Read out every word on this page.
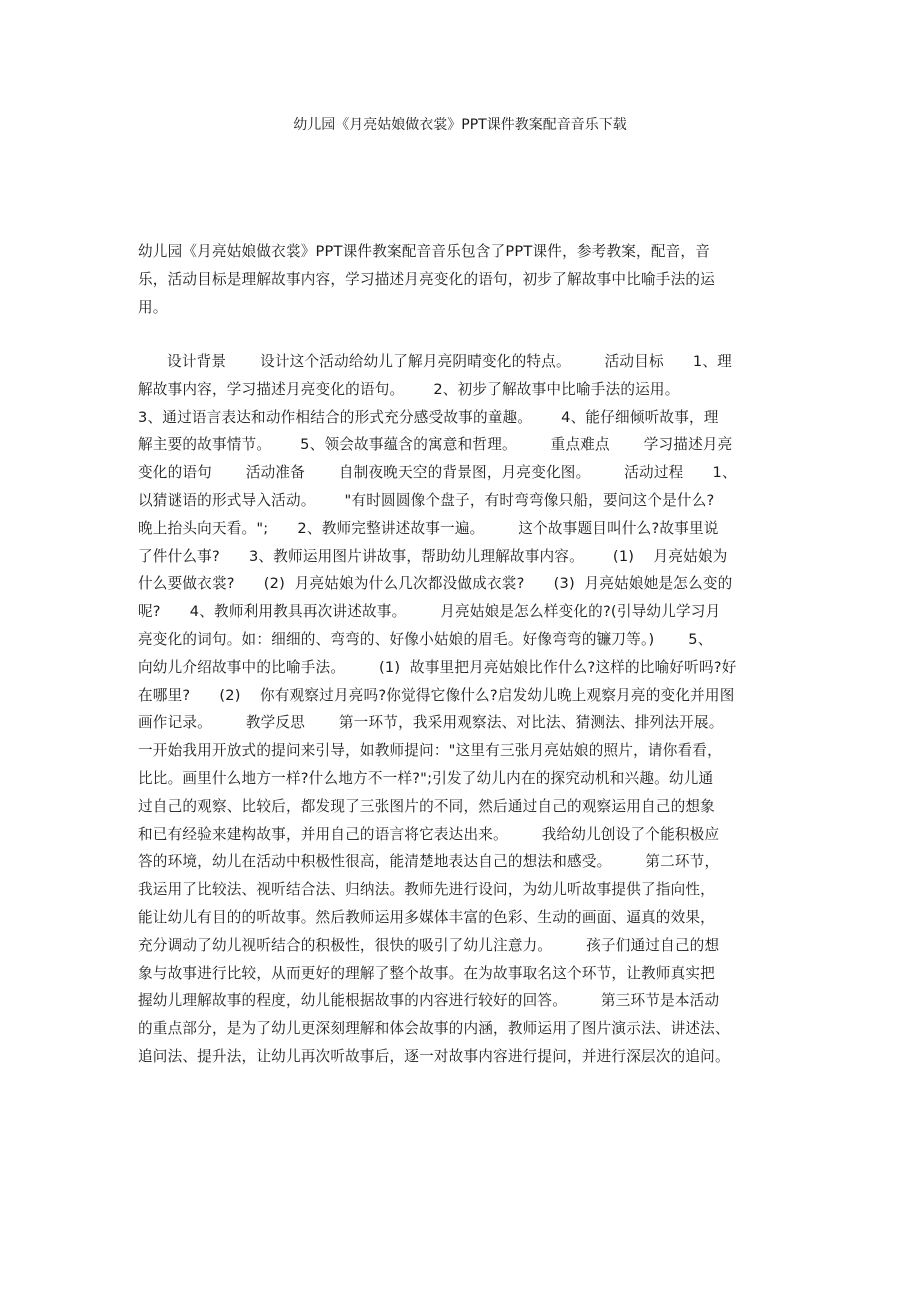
幼儿园《月亮姑娘做衣裳》PPT课件教案配音音乐下载
幼儿园《月亮姑娘做衣裳》PPT课件教案配音音乐包含了PPT课件，参考教案，配音，音
乐，活动目标是理解故事内容，学习描述月亮变化的语句，初步了解故事中比喻手法的运
用。
设计背景       设计这个活动给幼儿了解月亮阴晴变化的特点。       活动目标      1、理
解故事内容，学习描述月亮变化的语句。      2、初步了解故事中比喻手法的运用。
3、通过语言表达和动作相结合的形式充分感受故事的童趣。      4、能仔细倾听故事，理
解主要的故事情节。      5、领会故事蕴含的寓意和哲理。       重点难点       学习描述月亮
变化的语句       活动准备       自制夜晚天空的背景图，月亮变化图。       活动过程      1、
以猜谜语的形式导入活动。      "有时圆圆像个盘子，有时弯弯像只船，要问这个是什么?
晚上抬头向天看。";      2、教师完整讲述故事一遍。       这个故事题目叫什么?故事里说
了件什么事?      3、教师运用图片讲故事，帮助幼儿理解故事内容。      (1)    月亮姑娘为
什么要做衣裳?      (2)  月亮姑娘为什么几次都没做成衣裳?      (3)  月亮姑娘她是怎么变的
呢?      4、教师利用教具再次讲述故事。       月亮姑娘是怎么样变化的?(引导幼儿学习月
亮变化的词句。如：细细的、弯弯的、好像小姑娘的眉毛。好像弯弯的镰刀等。)       5、
向幼儿介绍故事中的比喻手法。       (1)  故事里把月亮姑娘比作什么?这样的比喻好听吗?好
在哪里?      (2)    你有观察过月亮吗?你觉得它像什么?启发幼儿晚上观察月亮的变化并用图
画作记录。       教学反思       第一环节，我采用观察法、对比法、猜测法、排列法开展。
一开始我用开放式的提问来引导，如教师提问："这里有三张月亮姑娘的照片，请你看看，
比比。画里什么地方一样?什么地方不一样?";引发了幼儿内在的探究动机和兴趣。幼儿通
过自己的观察、比较后，都发现了三张图片的不同，然后通过自己的观察运用自己的想象
和已有经验来建构故事，并用自己的语言将它表达出来。       我给幼儿创设了个能积极应
答的环境，幼儿在活动中积极性很高，能清楚地表达自己的想法和感受。       第二环节，
我运用了比较法、视听结合法、归纳法。教师先进行设问，为幼儿听故事提供了指向性，
能让幼儿有目的的听故事。然后教师运用多媒体丰富的色彩、生动的画面、逼真的效果，
充分调动了幼儿视听结合的积极性，很快的吸引了幼儿注意力。       孩子们通过自己的想
象与故事进行比较，从而更好的理解了整个故事。在为故事取名这个环节，让教师真实把
握幼儿理解故事的程度，幼儿能根据故事的内容进行较好的回答。       第三环节是本活动
的重点部分，是为了幼儿更深刻理解和体会故事的内涵，教师运用了图片演示法、讲述法、
追问法、提升法，让幼儿再次听故事后，逐一对故事内容进行提问，并进行深层次的追问。
